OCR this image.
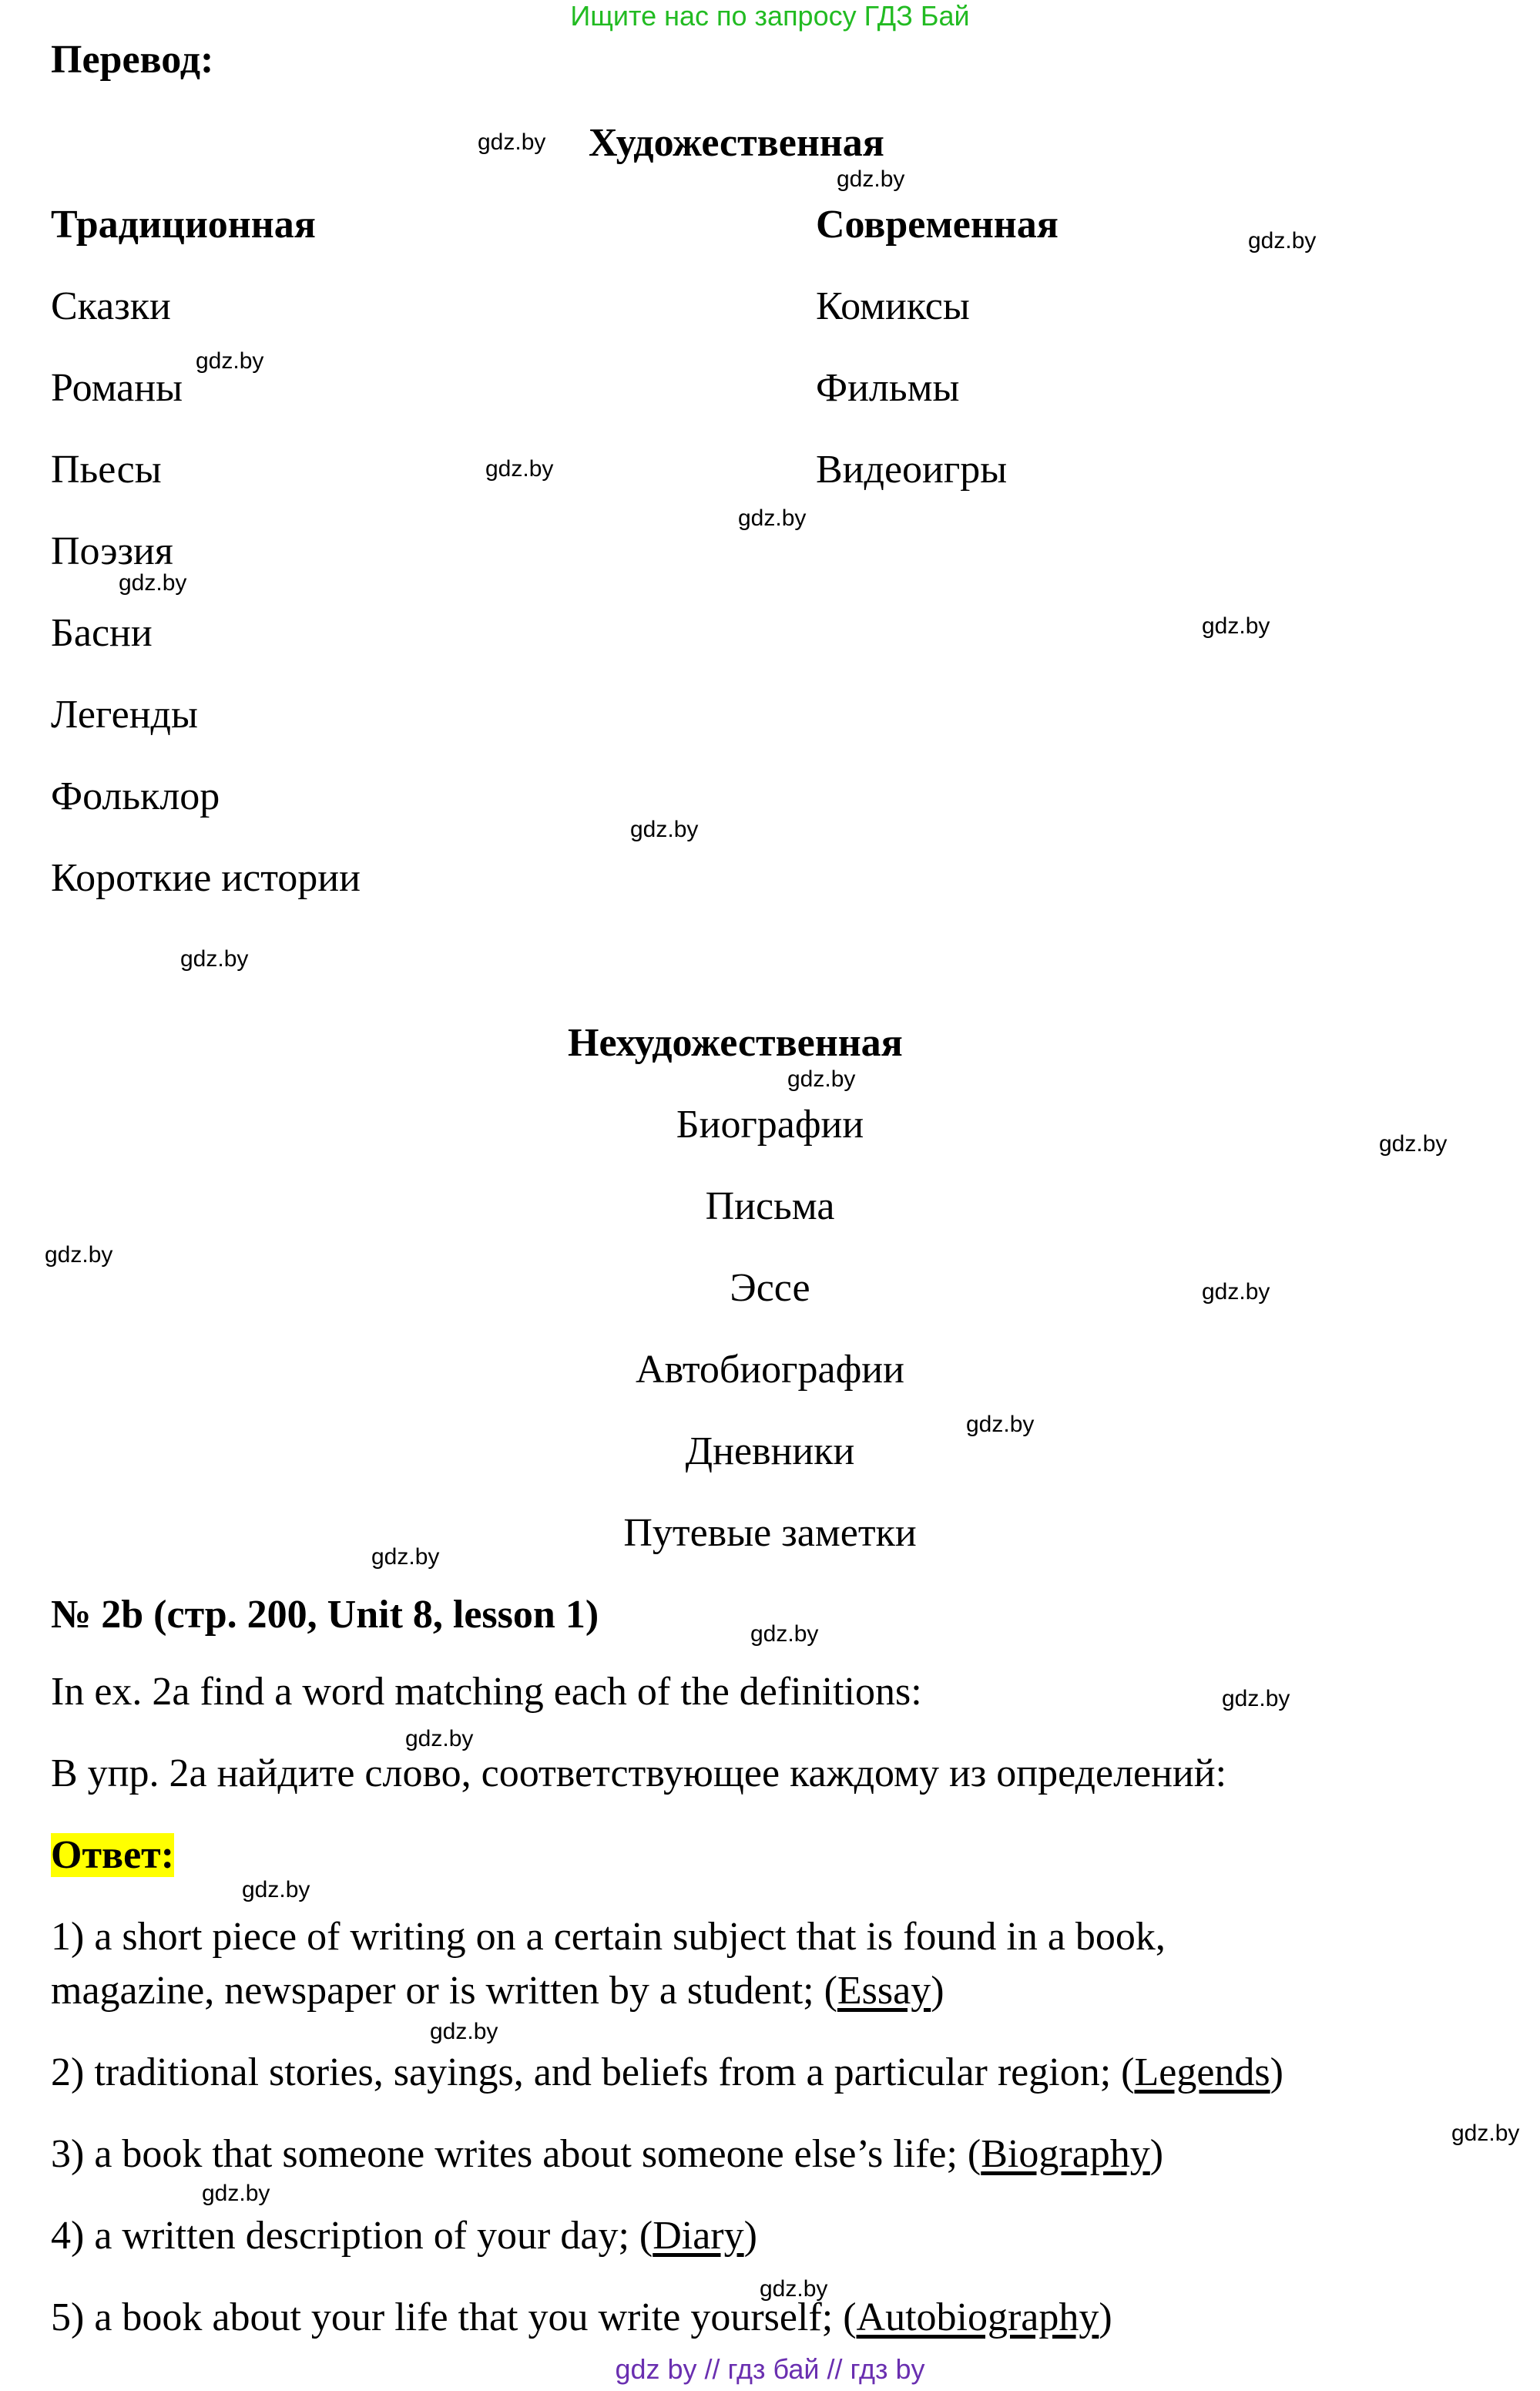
Ищите нас по запросу ГДЗ Бай
Перевод:
Художественная
Традиционная	Современная
Сказки
Романы
Пьесы
Поэзия
Басни
Легенды
Фольклор
Короткие истории
Комиксы
Фильмы
Видеоигры
Нехудожественная
Биографии
Письма
Эссе
Автобиографии
Дневники
Путевые заметки
№ 2b (стр. 200, Unit 8, lesson 1)
In ex. 2a find a word matching each of the definitions:
В упр. 2а найдите слово, соответствующее каждому из определений:
Ответ:
1) a short piece of writing on a certain subject that is found in a book,
magazine, newspaper or is written by a student; (Essay)
2) traditional stories, sayings, and beliefs from a particular region; (Legends)
3) a book that someone writes about someone else’s life; (Biography)
4) a written description of your day; (Diary)
5) a book about your life that you write yourself; (Autobiography)
gdz.by
gdz.by
gdz.by
gdz.by
gdz.by
gdz.by
gdz.by
gdz.by
gdz.by
gdz.by
gdz.by
gdz.by
gdz.by
gdz.by
gdz.by
gdz.by
gdz.by
gdz.by
gdz.by
gdz.by
gdz.by
gdz.by
gdz.by
gdz.by
gdz by // гдз бай // гдз by
